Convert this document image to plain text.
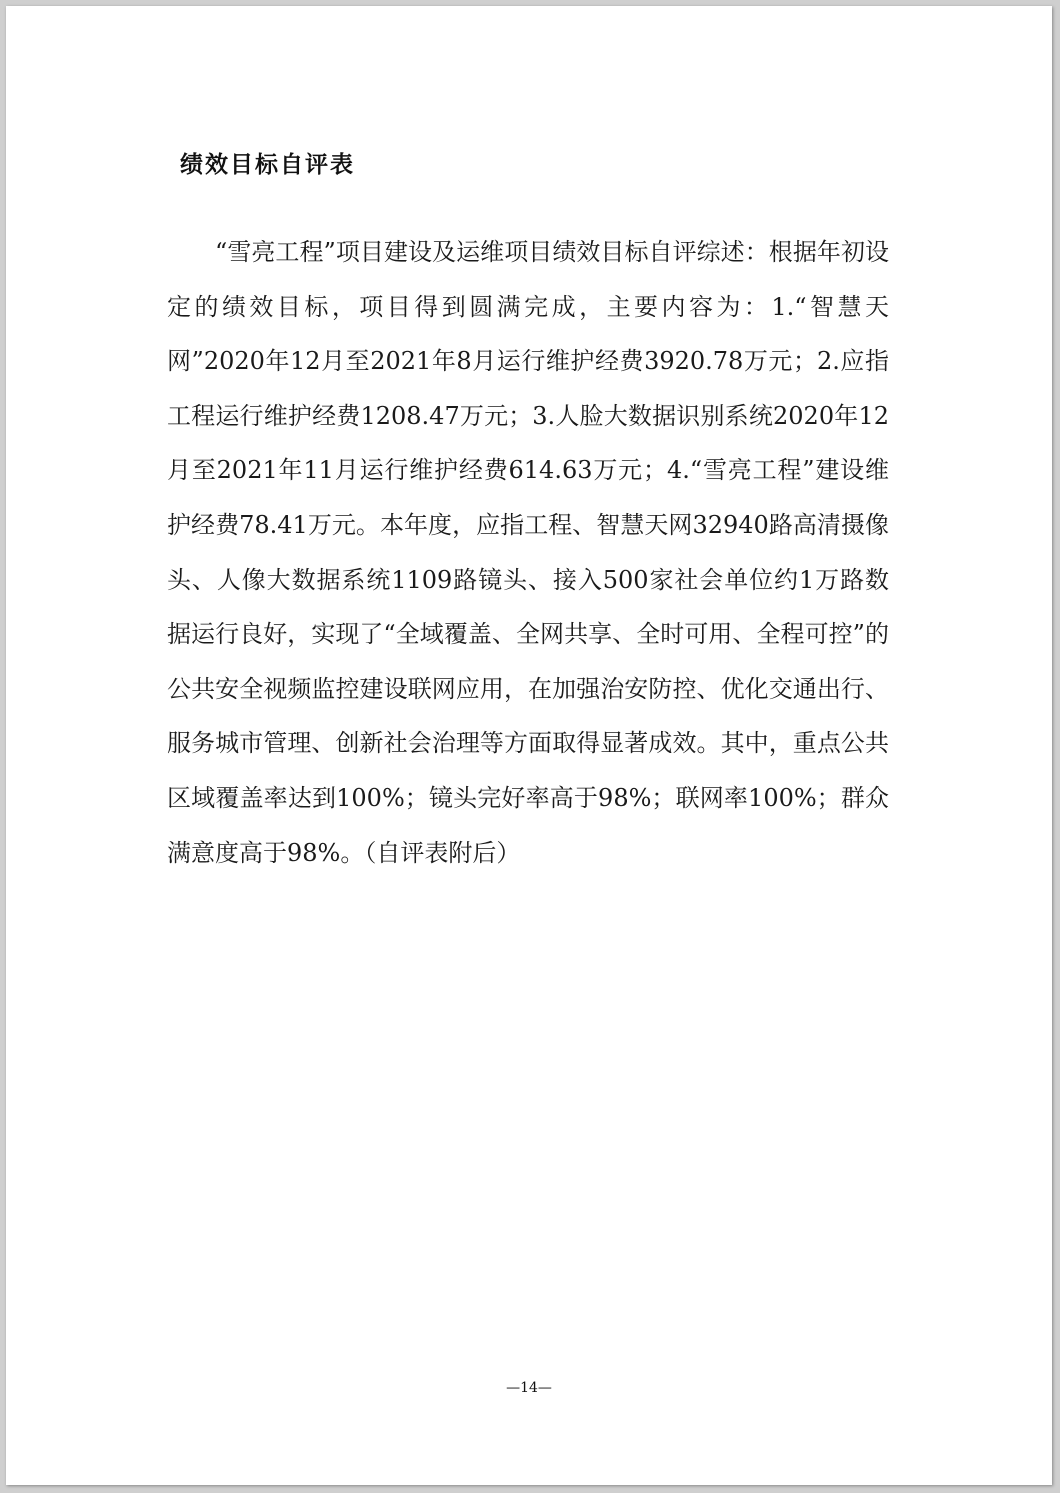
绩效目标自评表

“雪亮工程”项目建设及运维项目绩效目标自评综述：根据年初设定的绩效目标，项目得到圆满完成，主要内容为：1.“智慧天网”2020年12月至2021年8月运行维护经费3920.78万元；2.应指工程运行维护经费1208.47万元；3.人脸大数据识别系统2020年12月至2021年11月运行维护经费614.63万元；4.“雪亮工程”建设维护经费78.41万元。本年度，应指工程、智慧天网32940路高清摄像头、人像大数据系统1109路镜头、接入500家社会单位约1万路数据运行良好，实现了“全域覆盖、全网共享、全时可用、全程可控”的公共安全视频监控建设联网应用，在加强治安防控、优化交通出行、服务城市管理、创新社会治理等方面取得显著成效。其中，重点公共区域覆盖率达到100%；镜头完好率高于98%；联网率100%；群众满意度高于98%。（自评表附后）

—14—
